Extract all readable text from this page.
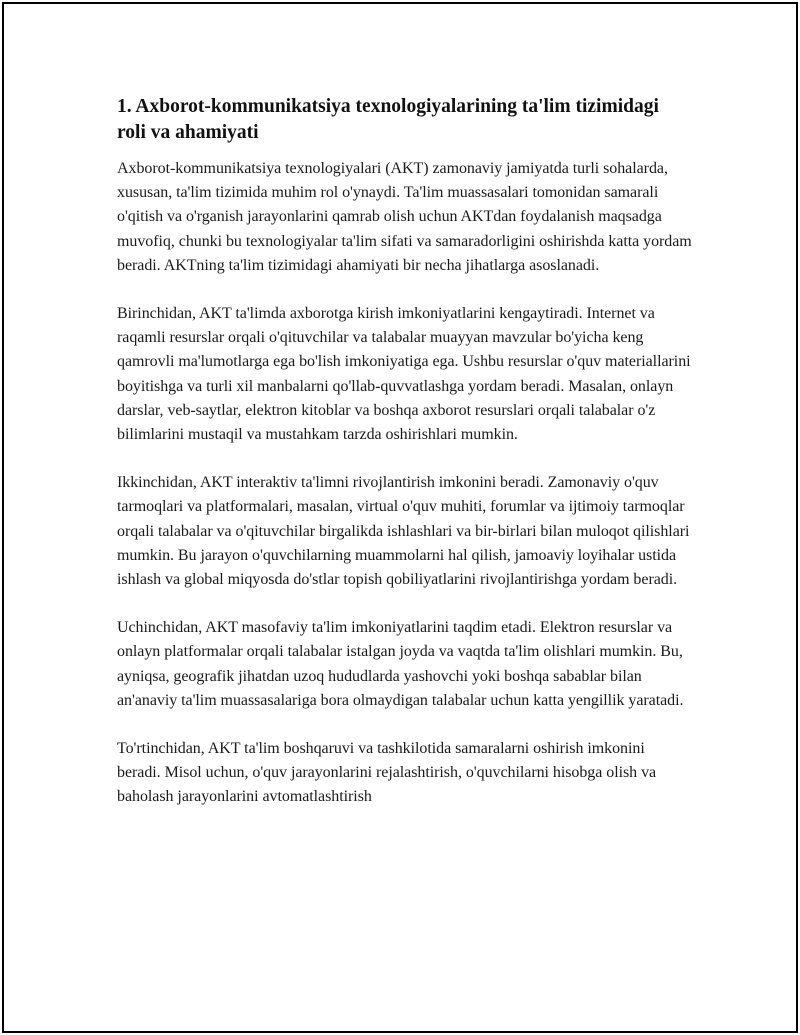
1. Axborot-kommunikatsiya texnologiyalarining ta'lim tizimidagi roli va ahamiyati

Axborot-kommunikatsiya texnologiyalari (AKT) zamonaviy jamiyatda turli sohalarda, xususan, ta'lim tizimida muhim rol o'ynaydi. Ta'lim muassasalari tomonidan samarali o'qitish va o'rganish jarayonlarini qamrab olish uchun AKTdan foydalanish maqsadga muvofiq, chunki bu texnologiyalar ta'lim sifati va samaradorligini oshirishda katta yordam beradi. AKTning ta'lim tizimidagi ahamiyati bir necha jihatlarga asoslanadi.

Birinchidan, AKT ta'limda axborotga kirish imkoniyatlarini kengaytiradi. Internet va raqamli resurslar orqali o'qituvchilar va talabalar muayyan mavzular bo'yicha keng qamrovli ma'lumotlarga ega bo'lish imkoniyatiga ega. Ushbu resurslar o'quv materiallarini boyitishga va turli xil manbalarni qo'llab-quvvatlashga yordam beradi. Masalan, onlayn darslar, veb-saytlar, elektron kitoblar va boshqa axborot resurslari orqali talabalar o'z bilimlarini mustaqil va mustahkam tarzda oshirishlari mumkin.

Ikkinchidan, AKT interaktiv ta'limni rivojlantirish imkonini beradi. Zamonaviy o'quv tarmoqlari va platformalari, masalan, virtual o'quv muhiti, forumlar va ijtimoiy tarmoqlar orqali talabalar va o'qituvchilar birgalikda ishlashlari va bir-birlari bilan muloqot qilishlari mumkin. Bu jarayon o'quvchilarning muammolarni hal qilish, jamoaviy loyihalar ustida ishlash va global miqyosda do'stlar topish qobiliyatlarini rivojlantirishga yordam beradi.

Uchinchidan, AKT masofaviy ta'lim imkoniyatlarini taqdim etadi. Elektron resurslar va onlayn platformalar orqali talabalar istalgan joyda va vaqtda ta'lim olishlari mumkin. Bu, ayniqsa, geografik jihatdan uzoq hududlarda yashovchi yoki boshqa sabablar bilan an'anaviy ta'lim muassasalariga bora olmaydigan talabalar uchun katta yengillik yaratadi.

To'rtinchidan, AKT ta'lim boshqaruvi va tashkilotida samaralarni oshirish imkonini beradi. Misol uchun, o'quv jarayonlarini rejalashtirish, o'quvchilarni hisobga olish va baholash jarayonlarini avtomatlashtirish
